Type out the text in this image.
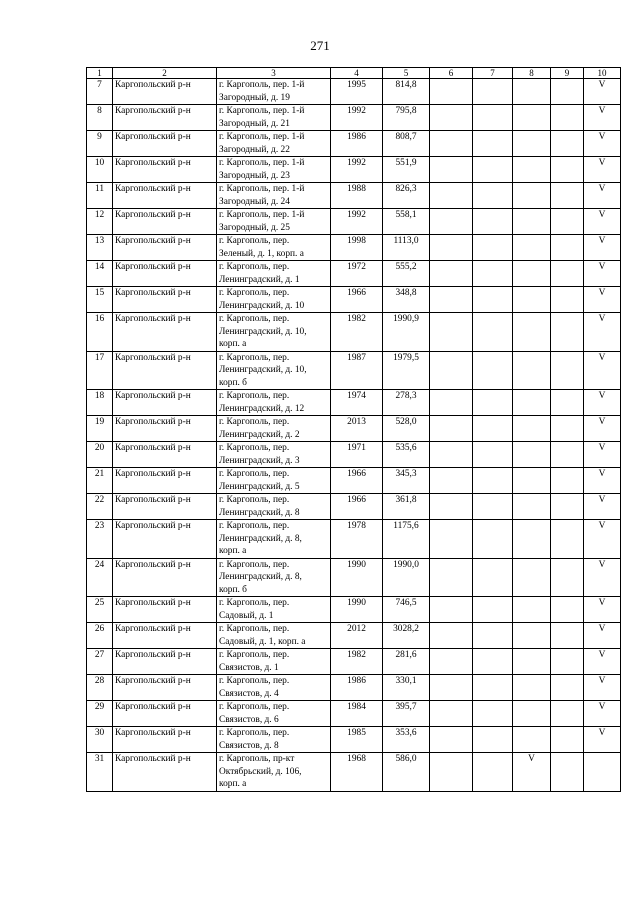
271
1	2	3	4	5	6	7	8	9	10
7	Каргопольский р-н	г. Каргополь, пер. 1-й
Загородный, д. 19	1995	814,8					V
8	Каргопольский р-н	г. Каргополь, пер. 1-й
Загородный, д. 21	1992	795,8					V
9	Каргопольский р-н	г. Каргополь, пер. 1-й
Загородный, д. 22	1986	808,7					V
10	Каргопольский р-н	г. Каргополь, пер. 1-й
Загородный, д. 23	1992	551,9					V
11	Каргопольский р-н	г. Каргополь, пер. 1-й
Загородный, д. 24	1988	826,3					V
12	Каргопольский р-н	г. Каргополь, пер. 1-й
Загородный, д. 25	1992	558,1					V
13	Каргопольский р-н	г. Каргополь, пер.
Зеленый, д. 1, корп. а	1998	1113,0					V
14	Каргопольский р-н	г. Каргополь, пер.
Ленинградский, д. 1	1972	555,2					V
15	Каргопольский р-н	г. Каргополь, пер.
Ленинградский, д. 10	1966	348,8					V
16	Каргопольский р-н	г. Каргополь, пер.
Ленинградский, д. 10,
корп. а	1982	1990,9					V
17	Каргопольский р-н	г. Каргополь, пер.
Ленинградский, д. 10,
корп. б	1987	1979,5					V
18	Каргопольский р-н	г. Каргополь, пер.
Ленинградский, д. 12	1974	278,3					V
19	Каргопольский р-н	г. Каргополь, пер.
Ленинградский, д. 2	2013	528,0					V
20	Каргопольский р-н	г. Каргополь, пер.
Ленинградский, д. 3	1971	535,6					V
21	Каргопольский р-н	г. Каргополь, пер.
Ленинградский, д. 5	1966	345,3					V
22	Каргопольский р-н	г. Каргополь, пер.
Ленинградский, д. 8	1966	361,8					V
23	Каргопольский р-н	г. Каргополь, пер.
Ленинградский, д. 8,
корп. а	1978	1175,6					V
24	Каргопольский р-н	г. Каргополь, пер.
Ленинградский, д. 8,
корп. б	1990	1990,0					V
25	Каргопольский р-н	г. Каргополь, пер.
Садовый, д. 1	1990	746,5					V
26	Каргопольский р-н	г. Каргополь, пер.
Садовый, д. 1, корп. а	2012	3028,2					V
27	Каргопольский р-н	г. Каргополь, пер.
Связистов, д. 1	1982	281,6					V
28	Каргопольский р-н	г. Каргополь, пер.
Связистов, д. 4	1986	330,1					V
29	Каргопольский р-н	г. Каргополь, пер.
Связистов, д. 6	1984	395,7					V
30	Каргопольский р-н	г. Каргополь, пер.
Связистов, д. 8	1985	353,6					V
31	Каргопольский р-н	г. Каргополь, пр-кт
Октябрьский, д. 106,
корп. а	1968	586,0			V		
